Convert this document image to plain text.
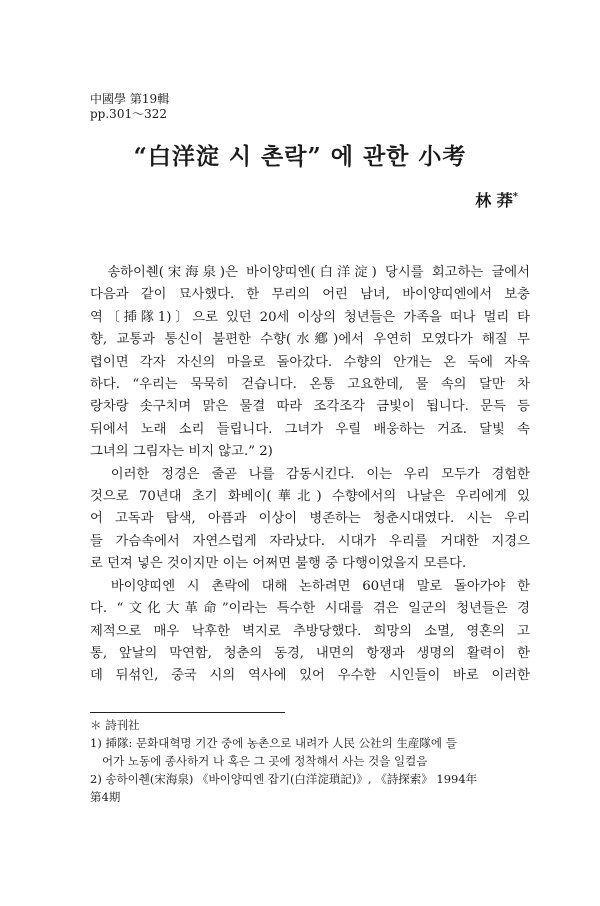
中國學 第19輯
pp.301～322
“白洋淀 시 촌락” 에 관한 小考
林 莽*
　송하이췐(宋海泉)은 바이양띠엔(白洋淀) 당시를 회고하는 글에서
다음과 같이 묘사했다. 한 무리의 어린 남녀, 바이양띠엔에서 보충
역〔揷隊1)〕으로 있던 20세 이상의 청년들은 가족을 떠나 멀리 타
향, 교통과 통신이 불편한 수향(水鄕)에서 우연히 모였다가 해질 무
렵이면 각자 자신의 마을로 돌아갔다. 수향의 안개는 온 둑에 자욱
하다. “우리는 묵묵히 걷습니다. 온통 고요한데, 물 속의 달만 차
랑차랑 솟구치며 맑은 물결 따라 조각조각 금빛이 됩니다. 문득 등
뒤에서 노래 소리 들립니다. 그녀가 우릴 배웅하는 거죠. 달빛 속
그녀의 그림자는 비지 않고.” 2)
　이러한 정경은 줄곧 나를 감동시킨다. 이는 우리 모두가 경험한
것으로 70년대 초기 화베이(華北) 수향에서의 나날은 우리에게 있
어 고독과 탐색, 아픔과 이상이 병존하는 청춘시대였다. 시는 우리
들 가슴속에서 자연스럽게 자라났다. 시대가 우리를 거대한 지경으
로 던져 넣은 것이지만 이는 어쩌면 불행 중 다행이었을지 모른다.
　바이양띠엔 시 촌락에 대해 논하려면 60년대 말로 돌아가야 한
다. “文化大革命”이라는 특수한 시대를 겪은 일군의 청년들은 경
제적으로 매우 낙후한 벽지로 추방당했다. 희망의 소멸, 영혼의 고
통, 앞날의 막연함, 청춘의 동경, 내면의 항쟁과 생명의 활력이 한
데 뒤섞인, 중국 시의 역사에 있어 우수한 시인들이 바로 이러한
＊ 詩刊社
1) 揷隊: 문화대혁명 기간 중에 농촌으로 내려가 人民 公社의 生産隊에 들
어가 노동에 종사하거 나 혹은 그 곳에 정착해서 사는 것을 일컬음
2) 송하이췐(宋海泉) 《바이양띠엔 잡기(白洋淀瑣記)》, 《詩探索》 1994年
第4期
